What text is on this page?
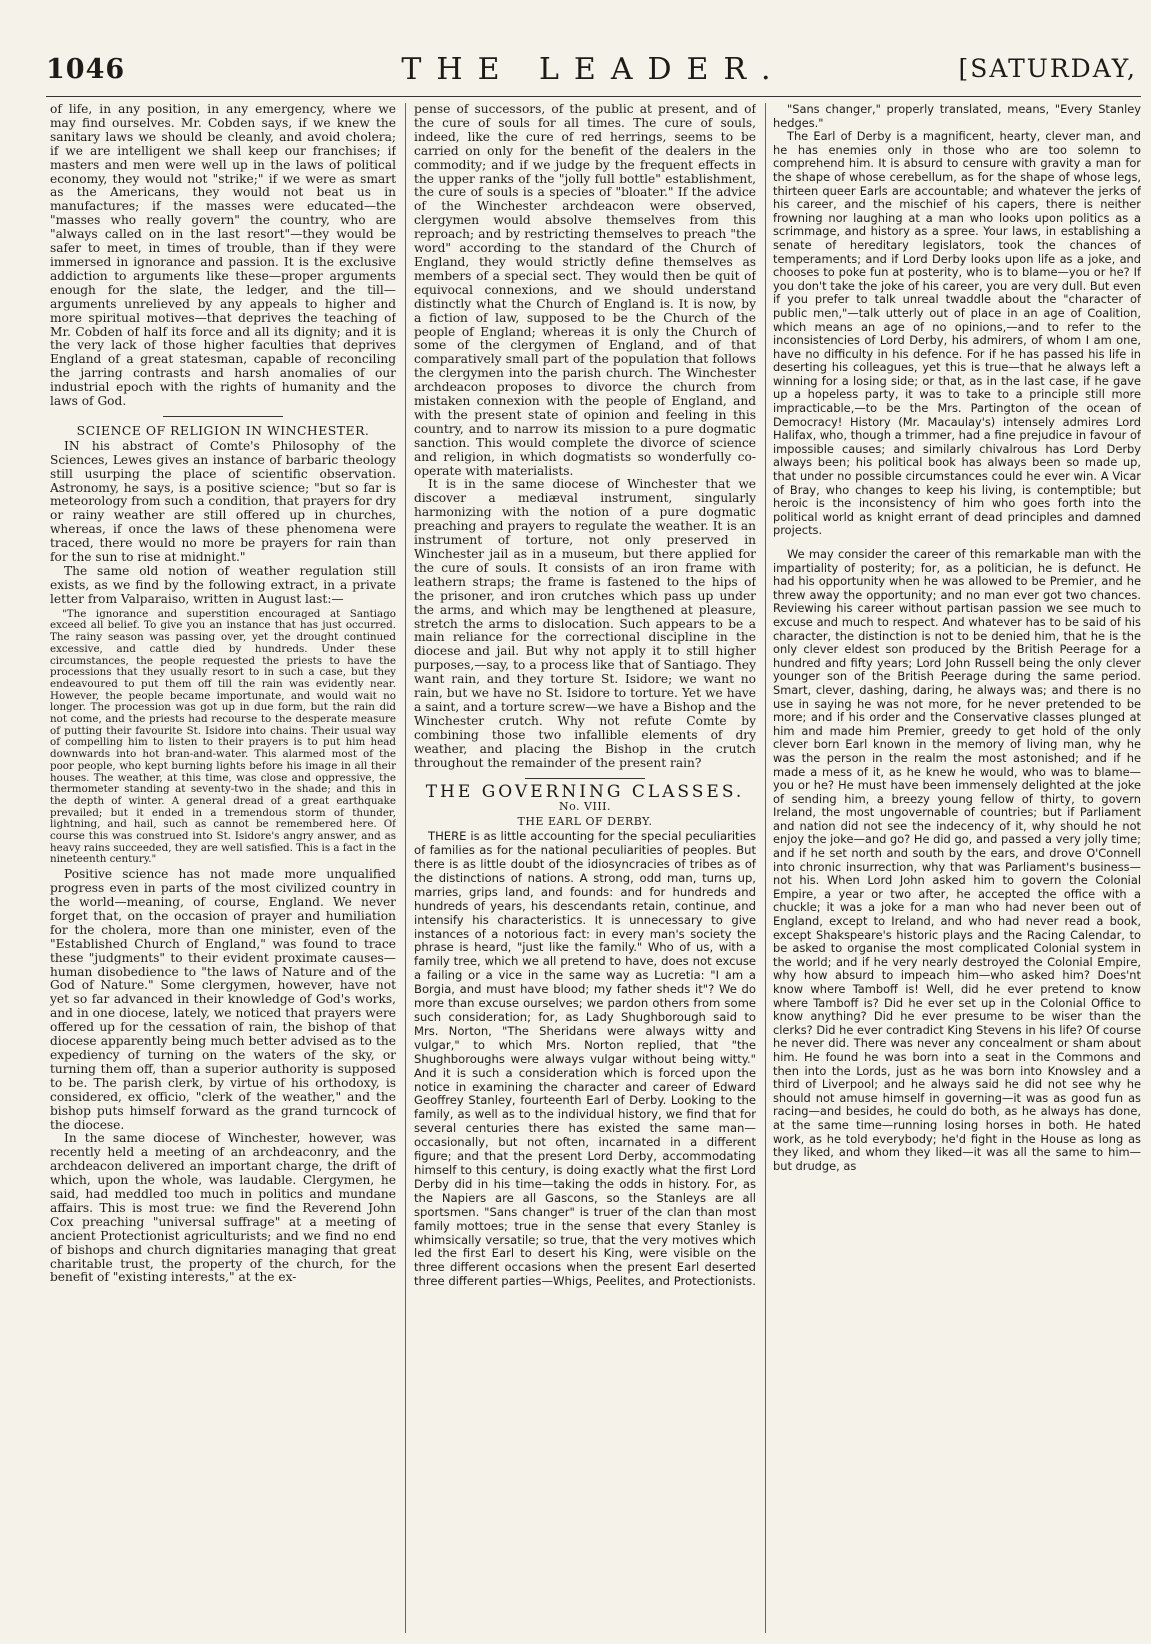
1046	THE LEADER.	[SATURDAY,

of life, in any position, in any emergency, where we may find ourselves. Mr. Cobden says, if we knew the sanitary laws we should be cleanly, and avoid cholera; if we are intelligent we shall keep our franchises; if masters and men were well up in the laws of political economy, they would not "strike;" if we were as smart as the Americans, they would not beat us in manufactures; if the masses were educated—the "masses who really govern" the country, who are "always called on in the last resort"—they would be safer to meet, in times of trouble, than if they were immersed in ignorance and passion. It is the exclusive addiction to arguments like these—proper arguments enough for the slate, the ledger, and the till—arguments unrelieved by any appeals to higher and more spiritual motives—that deprives the teaching of Mr. Cobden of half its force and all its dignity; and it is the very lack of those higher faculties that deprives England of a great statesman, capable of reconciling the jarring contrasts and harsh anomalies of our industrial epoch with the rights of humanity and the laws of God.

SCIENCE OF RELIGION IN WINCHESTER.

IN his abstract of Comte's Philosophy of the Sciences, Lewes gives an instance of barbaric theology still usurping the place of scientific observation. Astronomy, he says, is a positive science; "but so far is meteorology from such a condition, that prayers for dry or rainy weather are still offered up in churches, whereas, if once the laws of these phenomena were traced, there would no more be prayers for rain than for the sun to rise at midnight."

The same old notion of weather regulation still exists, as we find by the following extract, in a private letter from Valparaiso, written in August last:—

"The ignorance and superstition encouraged at Santiago exceed all belief. To give you an instance that has just occurred. The rainy season was passing over, yet the drought continued excessive, and cattle died by hundreds. Under these circumstances, the people requested the priests to have the processions that they usually resort to in such a case, but they endeavoured to put them off till the rain was evidently near. However, the people became importunate, and would wait no longer. The procession was got up in due form, but the rain did not come, and the priests had recourse to the desperate measure of putting their favourite St. Isidore into chains. Their usual way of compelling him to listen to their prayers is to put him head downwards into hot bran-and-water. This alarmed most of the poor people, who kept burning lights before his image in all their houses. The weather, at this time, was close and oppressive, the thermometer standing at seventy-two in the shade; and this in the depth of winter. A general dread of a great earthquake prevailed; but it ended in a tremendous storm of thunder, lightning, and hail, such as cannot be remembered here. Of course this was construed into St. Isidore's angry answer, and as heavy rains succeeded, they are well satisfied. This is a fact in the nineteenth century."

Positive science has not made more unqualified progress even in parts of the most civilized country in the world—meaning, of course, England. We never forget that, on the occasion of prayer and humiliation for the cholera, more than one minister, even of the "Established Church of England," was found to trace these "judgments" to their evident proximate causes—human disobedience to "the laws of Nature and of the God of Nature." Some clergymen, however, have not yet so far advanced in their knowledge of God's works, and in one diocese, lately, we noticed that prayers were offered up for the cessation of rain, the bishop of that diocese apparently being much better advised as to the expediency of turning on the waters of the sky, or turning them off, than a superior authority is supposed to be. The parish clerk, by virtue of his orthodoxy, is considered, ex officio, "clerk of the weather," and the bishop puts himself forward as the grand turncock of the diocese.

In the same diocese of Winchester, however, was recently held a meeting of an archdeaconry, and the archdeacon delivered an important charge, the drift of which, upon the whole, was laudable. Clergymen, he said, had meddled too much in politics and mundane affairs. This is most true: we find the Reverend John Cox preaching "universal suffrage" at a meeting of ancient Protectionist agriculturists; and we find no end of bishops and church dignitaries managing that great charitable trust, the property of the church, for the benefit of "existing interests," at the ex-

pense of successors, of the public at present, and of the cure of souls for all times. The cure of souls, indeed, like the cure of red herrings, seems to be carried on only for the benefit of the dealers in the commodity; and if we judge by the frequent effects in the upper ranks of the "jolly full bottle" establishment, the cure of souls is a species of "bloater." If the advice of the Winchester archdeacon were observed, clergymen would absolve themselves from this reproach; and by restricting themselves to preach "the word" according to the standard of the Church of England, they would strictly define themselves as members of a special sect. They would then be quit of equivocal connexions, and we should understand distinctly what the Church of England is. It is now, by a fiction of law, supposed to be the Church of the people of England; whereas it is only the Church of some of the clergymen of England, and of that comparatively small part of the population that follows the clergymen into the parish church. The Winchester archdeacon proposes to divorce the church from mistaken connexion with the people of England, and with the present state of opinion and feeling in this country, and to narrow its mission to a pure dogmatic sanction. This would complete the divorce of science and religion, in which dogmatists so wonderfully co-operate with materialists.

It is in the same diocese of Winchester that we discover a mediæval instrument, singularly harmonizing with the notion of a pure dogmatic preaching and prayers to regulate the weather. It is an instrument of torture, not only preserved in Winchester jail as in a museum, but there applied for the cure of souls. It consists of an iron frame with leathern straps; the frame is fastened to the hips of the prisoner, and iron crutches which pass up under the arms, and which may be lengthened at pleasure, stretch the arms to dislocation. Such appears to be a main reliance for the correctional discipline in the diocese and jail. But why not apply it to still higher purposes,—say, to a process like that of Santiago. They want rain, and they torture St. Isidore; we want no rain, but we have no St. Isidore to torture. Yet we have a saint, and a torture screw—we have a Bishop and the Winchester crutch. Why not refute Comte by combining those two infallible elements of dry weather, and placing the Bishop in the crutch throughout the remainder of the present rain?

THE GOVERNING CLASSES.
No. VIII.
THE EARL OF DERBY.

THERE is as little accounting for the special peculiarities of families as for the national peculiarities of peoples. But there is as little doubt of the idiosyncracies of tribes as of the distinctions of nations. A strong, odd man, turns up, marries, grips land, and founds: and for hundreds and hundreds of years, his descendants retain, continue, and intensify his characteristics. It is unnecessary to give instances of a notorious fact: in every man's society the phrase is heard, "just like the family." Who of us, with a family tree, which we all pretend to have, does not excuse a failing or a vice in the same way as Lucretia: "I am a Borgia, and must have blood; my father sheds it"? We do more than excuse ourselves; we pardon others from some such consideration; for, as Lady Shughborough said to Mrs. Norton, "The Sheridans were always witty and vulgar," to which Mrs. Norton replied, that "the Shughboroughs were always vulgar without being witty." And it is such a consideration which is forced upon the notice in examining the character and career of Edward Geoffrey Stanley, fourteenth Earl of Derby. Looking to the family, as well as to the individual history, we find that for several centuries there has existed the same man—occasionally, but not often, incarnated in a different figure; and that the present Lord Derby, accommodating himself to this century, is doing exactly what the first Lord Derby did in his time—taking the odds in history. For, as the Napiers are all Gascons, so the Stanleys are all sportsmen. "Sans changer" is truer of the clan than most family mottoes; true in the sense that every Stanley is whimsically versatile; so true, that the very motives which led the first Earl to desert his King, were visible on the three different occasions when the present Earl deserted three different parties—Whigs, Peelites, and Protectionists.

"Sans changer," properly translated, means, "Every Stanley hedges."

The Earl of Derby is a magnificent, hearty, clever man, and he has enemies only in those who are too solemn to comprehend him. It is absurd to censure with gravity a man for the shape of whose cerebellum, as for the shape of whose legs, thirteen queer Earls are accountable; and whatever the jerks of his career, and the mischief of his capers, there is neither frowning nor laughing at a man who looks upon politics as a scrimmage, and history as a spree. Your laws, in establishing a senate of hereditary legislators, took the chances of temperaments; and if Lord Derby looks upon life as a joke, and chooses to poke fun at posterity, who is to blame—you or he? If you don't take the joke of his career, you are very dull. But even if you prefer to talk unreal twaddle about the "character of public men,"—talk utterly out of place in an age of Coalition, which means an age of no opinions,—and to refer to the inconsistencies of Lord Derby, his admirers, of whom I am one, have no difficulty in his defence. For if he has passed his life in deserting his colleagues, yet this is true—that he always left a winning for a losing side; or that, as in the last case, if he gave up a hopeless party, it was to take to a principle still more impracticable,—to be the Mrs. Partington of the ocean of Democracy! History (Mr. Macaulay's) intensely admires Lord Halifax, who, though a trimmer, had a fine prejudice in favour of impossible causes; and similarly chivalrous has Lord Derby always been; his political book has always been so made up, that under no possible circumstances could he ever win. A Vicar of Bray, who changes to keep his living, is contemptible; but heroic is the inconsistency of him who goes forth into the political world as knight errant of dead principles and damned projects.

We may consider the career of this remarkable man with the impartiality of posterity; for, as a politician, he is defunct. He had his opportunity when he was allowed to be Premier, and he threw away the opportunity; and no man ever got two chances. Reviewing his career without partisan passion we see much to excuse and much to respect. And whatever has to be said of his character, the distinction is not to be denied him, that he is the only clever eldest son produced by the British Peerage for a hundred and fifty years; Lord John Russell being the only clever younger son of the British Peerage during the same period. Smart, clever, dashing, daring, he always was; and there is no use in saying he was not more, for he never pretended to be more; and if his order and the Conservative classes plunged at him and made him Premier, greedy to get hold of the only clever born Earl known in the memory of living man, why he was the person in the realm the most astonished; and if he made a mess of it, as he knew he would, who was to blame—you or he? He must have been immensely delighted at the joke of sending him, a breezy young fellow of thirty, to govern Ireland, the most ungovernable of countries; but if Parliament and nation did not see the indecency of it, why should he not enjoy the joke—and go? He did go, and passed a very jolly time; and if he set north and south by the ears, and drove O'Connell into chronic insurrection, why that was Parliament's business—not his. When Lord John asked him to govern the Colonial Empire, a year or two after, he accepted the office with a chuckle; it was a joke for a man who had never been out of England, except to Ireland, and who had never read a book, except Shakspeare's historic plays and the Racing Calendar, to be asked to organise the most complicated Colonial system in the world; and if he very nearly destroyed the Colonial Empire, why how absurd to impeach him—who asked him? Does'nt know where Tamboff is! Well, did he ever pretend to know where Tamboff is? Did he ever set up in the Colonial Office to know anything? Did he ever presume to be wiser than the clerks? Did he ever contradict King Stevens in his life? Of course he never did. There was never any concealment or sham about him. He found he was born into a seat in the Commons and then into the Lords, just as he was born into Knowsley and a third of Liverpool; and he always said he did not see why he should not amuse himself in governing—it was as good fun as racing—and besides, he could do both, as he always has done, at the same time—running losing horses in both. He hated work, as he told everybody; he'd fight in the House as long as they liked, and whom they liked—it was all the same to him—but drudge, as
